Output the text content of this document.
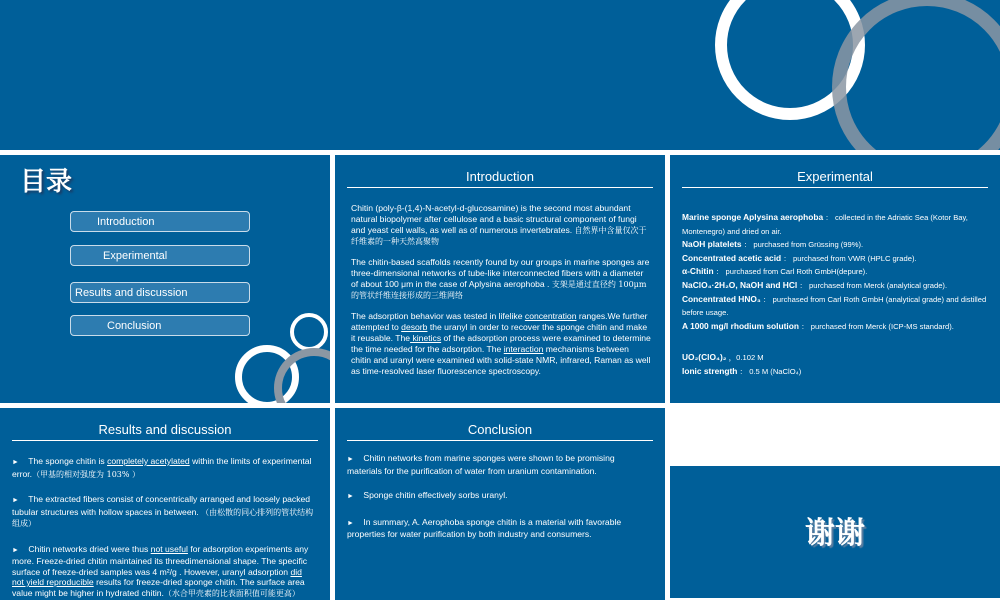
目录
Introduction
Experimental
Results and discussion
Conclusion
Introduction

Chitin (poly-β-(1,4)-N-acetyl-d-glucosamine) is the second most abundant natural biopolymer after cellulose and a basic structural component of fungi and yeast cell walls, as well as of numerous invertebrates. 自然界中含量仅次于纤维素的一种天然高聚物

The chitin-based scaffolds recently found by our groups in marine sponges are three-dimensional networks of tube-like interconnected fibers with a diameter of about 100 μm in the case of Aplysina aerophoba . 支架是通过直径约 100μm 的管状纤维连接形成的三维网络

The adsorption behavior was tested in lifelike concentration ranges.We further attempted to desorb the uranyl in order to recover the sponge chitin and make it reusable. The kinetics of the adsorption process were examined to determine the time needed for the adsorption. The interaction mechanisms between chitin and uranyl were examined with solid-state NMR, infrared, Raman as well as time-resolved laser fluorescence spectroscopy.

Experimental
Marine sponge Aplysina aerophoba ： collected in the Adriatic Sea (Kotor Bay, Montenegro) and dried on air.
NaOH platelets ： purchased from Grüssing (99%).
Concentrated acetic acid ： purchased from VWR (HPLC grade).
α-Chitin ： purchased from Carl Roth GmbH(depure).
NaClO₄·2H₂O, NaOH and HCl ： purchased from Merck (analytical grade).
Concentrated HNO₃ ： purchased from Carl Roth GmbH (analytical grade) and distilled before usage.
A 1000 mg/l rhodium solution ： purchased from Merck (ICP-MS standard).
UO₂(ClO₄)₂ ，0.102 M
Ionic strength ： 0.5 M (NaClO₄)
Results and discussion
► The sponge chitin is completely acetylated within the limits of experimental error.（甲基的相对强度为 103% ）
► The extracted fibers consist of concentrically arranged and loosely packed tubular structures with hollow spaces in between. （由松散的同心排列的管状结构组成）
► Chitin networks dried were thus not useful for adsorption experiments any more. Freeze-dried chitin maintained its threedimensional shape. The specific surface of freeze-dried samples was 4 m²/g . However, uranyl adsorption did not yield reproducible results for freeze-dried sponge chitin. The surface area value might be higher in hydrated chitin.（水合甲壳素的比表面积值可能更高）
Conclusion
► Chitin networks from marine sponges were shown to be promising materials for the purification of water from uranium contamination.
► Sponge chitin effectively sorbs uranyl.
► In summary, A. Aerophoba sponge chitin is a material with favorable properties for water purification by both industry and consumers.	谢谢
